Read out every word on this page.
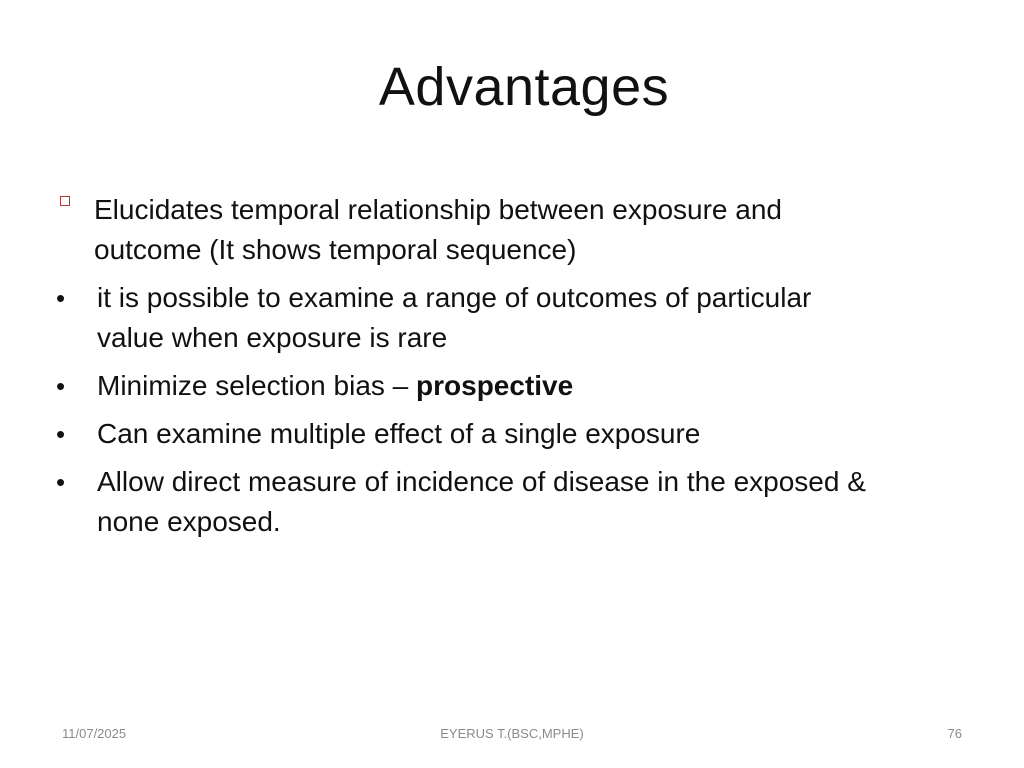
Advantages
Elucidates temporal relationship between exposure and
outcome (It shows temporal sequence)
•	it is possible to examine a range of outcomes of particular
value when exposure is rare
•	Minimize selection bias – prospective
•	Can examine multiple effect of a single exposure
•	Allow direct measure of incidence of disease in the exposed &
none exposed.
11/07/2025	EYERUS T.(BSC,MPHE)	76
